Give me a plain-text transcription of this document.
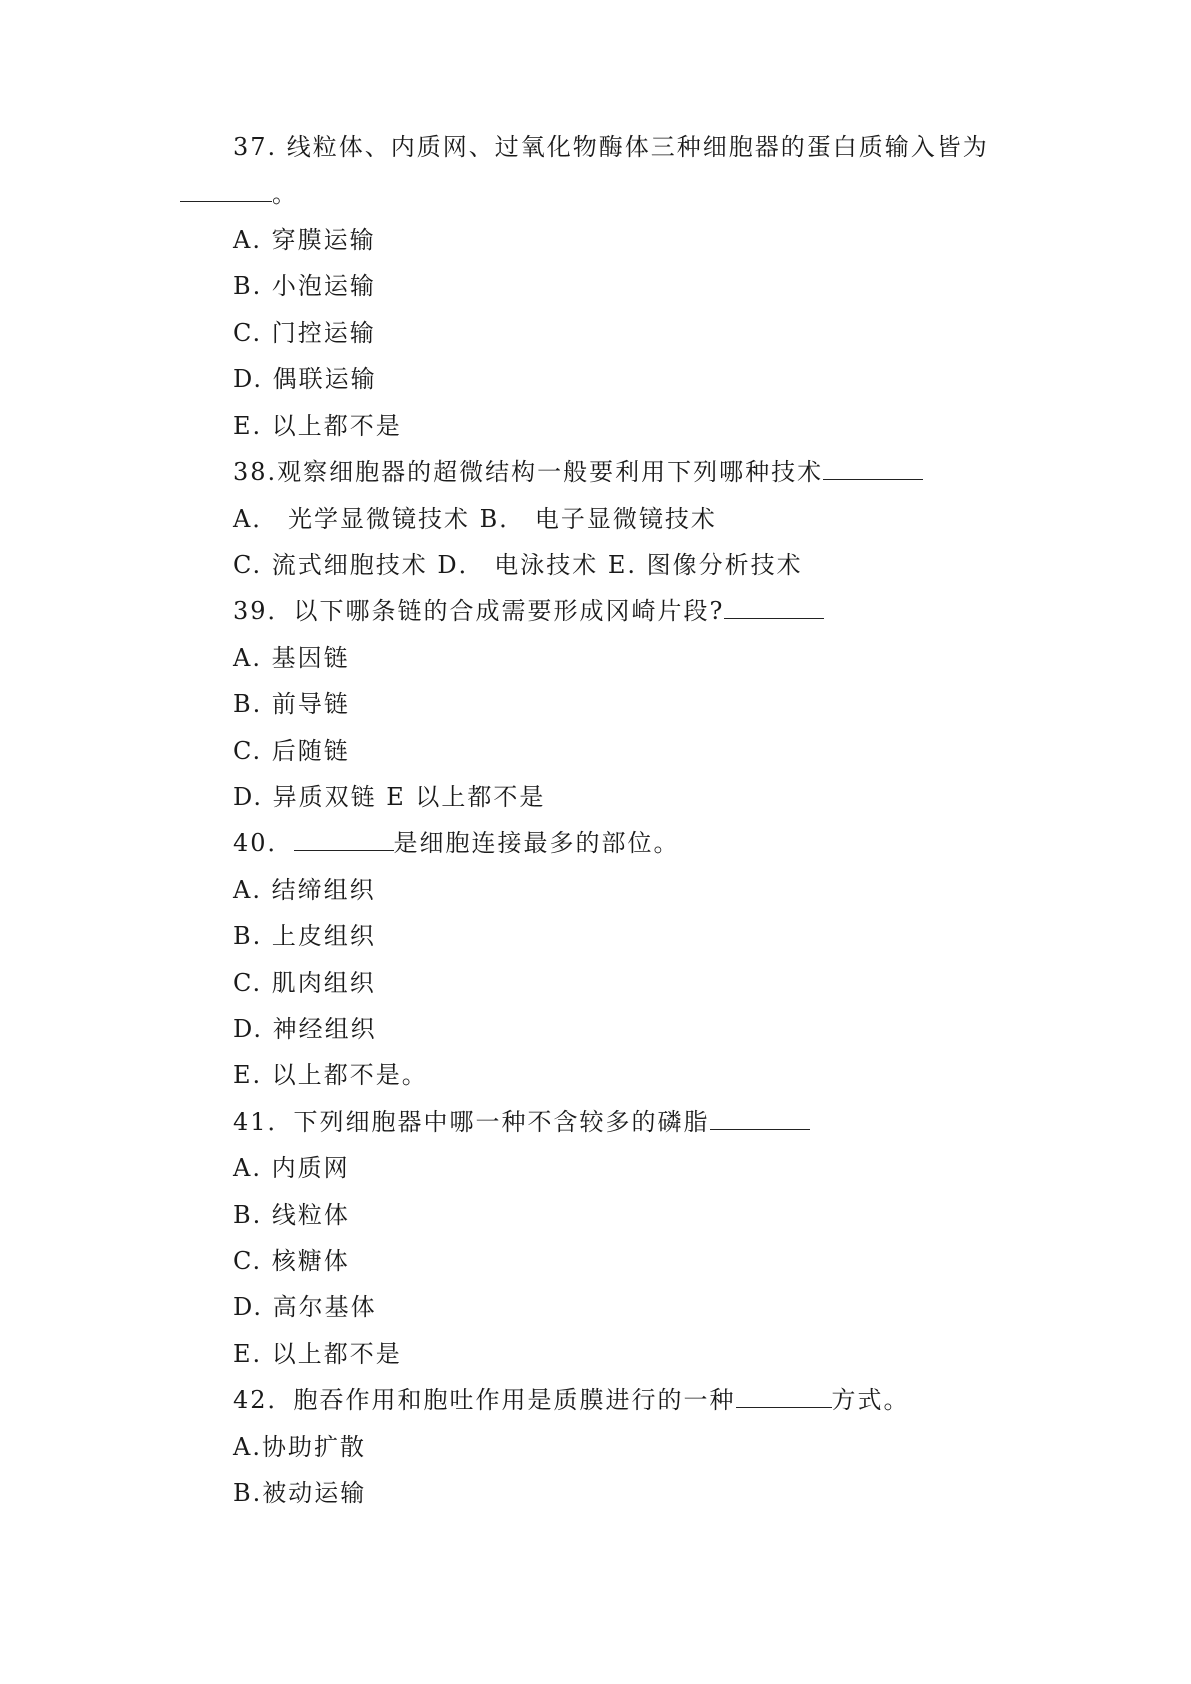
37. 线粒体、内质网、过氧化物酶体三种细胞器的蛋白质输入皆为
。
A. 穿膜运输
B. 小泡运输
C. 门控运输
D. 偶联运输
E. 以上都不是
38.观察细胞器的超微结构一般要利用下列哪种技术
A． 光学显微镜技术 B． 电子显微镜技术
C. 流式细胞技术 D． 电泳技术 E. 图像分析技术
39．以下哪条链的合成需要形成冈崎片段?
A. 基因链
B. 前导链
C. 后随链
D. 异质双链 E 以上都不是
40．	是细胞连接最多的部位。
A. 结缔组织
B. 上皮组织
C. 肌肉组织
D. 神经组织
E. 以上都不是。
41．下列细胞器中哪一种不含较多的磷脂
A. 内质网
B. 线粒体
C. 核糖体
D. 高尔基体
E. 以上都不是
42．胞吞作用和胞吐作用是质膜进行的一种	方式。
A.协助扩散
B.被动运输
